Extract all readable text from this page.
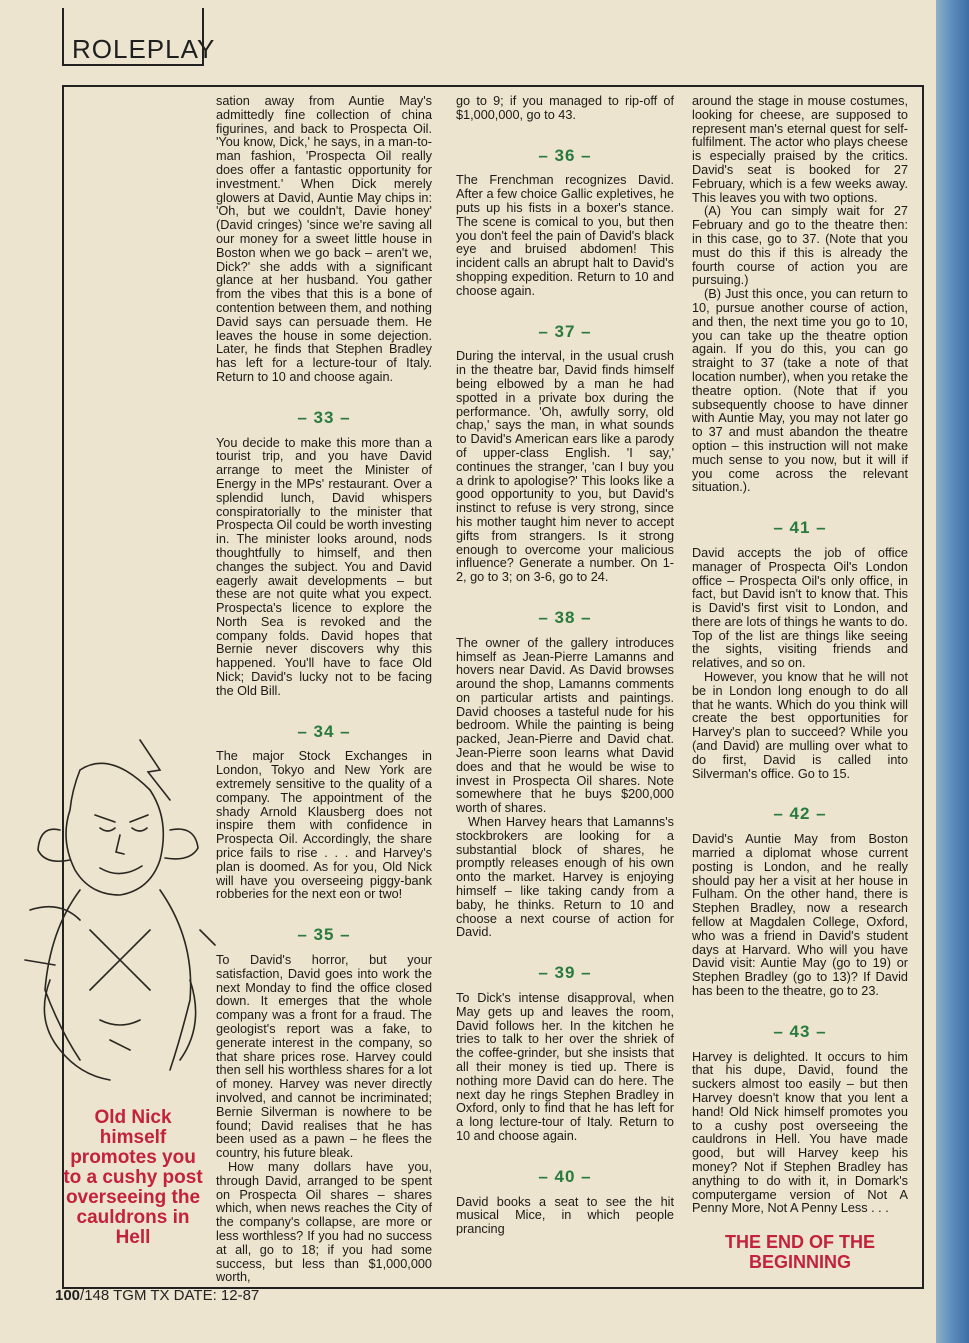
ROLEPLAY

sation away from Auntie May's admittedly fine collection of china figurines, and back to Prospecta Oil. 'You know, Dick,' he says, in a man-to-man fashion, 'Prospecta Oil really does offer a fantastic opportunity for investment.' When Dick merely glowers at David, Auntie May chips in: 'Oh, but we couldn't, Davie honey' (David cringes) 'since we're saving all our money for a sweet little house in Boston when we go back – aren't we, Dick?' she adds with a significant glance at her husband. You gather from the vibes that this is a bone of contention between them, and nothing David says can persuade them. He leaves the house in some dejection. Later, he finds that Stephen Bradley has left for a lecture-tour of Italy. Return to 10 and choose again.

– 33 –

You decide to make this more than a tourist trip, and you have David arrange to meet the Minister of Energy in the MPs' restaurant. Over a splendid lunch, David whispers conspiratorially to the minister that Prospecta Oil could be worth investing in. The minister looks around, nods thoughtfully to himself, and then changes the subject. You and David eagerly await developments – but these are not quite what you expect. Prospecta's licence to explore the North Sea is revoked and the company folds. David hopes that Bernie never discovers why this happened. You'll have to face Old Nick; David's lucky not to be facing the Old Bill.

– 34 –

The major Stock Exchanges in London, Tokyo and New York are extremely sensitive to the quality of a company. The appointment of the shady Arnold Klausberg does not inspire them with confidence in Prospecta Oil. Accordingly, the share price fails to rise . . . and Harvey's plan is doomed. As for you, Old Nick will have you overseeing piggy-bank robberies for the next eon or two!

– 35 –

To David's horror, but your satisfaction, David goes into work the next Monday to find the office closed down. It emerges that the whole company was a front for a fraud. The geologist's report was a fake, to generate interest in the company, so that share prices rose. Harvey could then sell his worthless shares for a lot of money. Harvey was never directly involved, and cannot be incriminated; Bernie Silverman is nowhere to be found; David realises that he has been used as a pawn – he flees the country, his future bleak.

How many dollars have you, through David, arranged to be spent on Prospecta Oil shares – shares which, when news reaches the City of the company's collapse, are more or less worthless? If you had no success at all, go to 18; if you had some success, but less than $1,000,000 worth,

go to 9; if you managed to rip-off of $1,000,000, go to 43.

– 36 –

The Frenchman recognizes David. After a few choice Gallic expletives, he puts up his fists in a boxer's stance. The scene is comical to you, but then you don't feel the pain of David's black eye and bruised abdomen! This incident calls an abrupt halt to David's shopping expedition. Return to 10 and choose again.

– 37 –

During the interval, in the usual crush in the theatre bar, David finds himself being elbowed by a man he had spotted in a private box during the performance. 'Oh, awfully sorry, old chap,' says the man, in what sounds to David's American ears like a parody of upper-class English. 'I say,' continues the stranger, 'can I buy you a drink to apologise?' This looks like a good opportunity to you, but David's instinct to refuse is very strong, since his mother taught him never to accept gifts from strangers. Is it strong enough to overcome your malicious influence? Generate a number. On 1-2, go to 3; on 3-6, go to 24.

– 38 –

The owner of the gallery introduces himself as Jean-Pierre Lamanns and hovers near David. As David browses around the shop, Lamanns comments on particular artists and paintings. David chooses a tasteful nude for his bedroom. While the painting is being packed, Jean-Pierre and David chat. Jean-Pierre soon learns what David does and that he would be wise to invest in Prospecta Oil shares. Note somewhere that he buys $200,000 worth of shares.

When Harvey hears that Lamanns's stockbrokers are looking for a substantial block of shares, he promptly releases enough of his own onto the market. Harvey is enjoying himself – like taking candy from a baby, he thinks. Return to 10 and choose a next course of action for David.

– 39 –

To Dick's intense disapproval, when May gets up and leaves the room, David follows her. In the kitchen he tries to talk to her over the shriek of the coffee-grinder, but she insists that all their money is tied up. There is nothing more David can do here. The next day he rings Stephen Bradley in Oxford, only to find that he has left for a long lecture-tour of Italy. Return to 10 and choose again.

– 40 –

David books a seat to see the hit musical Mice, in which people prancing

around the stage in mouse costumes, looking for cheese, are supposed to represent man's eternal quest for self-fulfilment. The actor who plays cheese is especially praised by the critics. David's seat is booked for 27 February, which is a few weeks away. This leaves you with two options.

(A) You can simply wait for 27 February and go to the theatre then: in this case, go to 37. (Note that you must do this if this is already the fourth course of action you are pursuing.)

(B) Just this once, you can return to 10, pursue another course of action, and then, the next time you go to 10, you can take up the theatre option again. If you do this, you can go straight to 37 (take a note of that location number), when you retake the theatre option. (Note that if you subsequently choose to have dinner with Auntie May, you may not later go to 37 and must abandon the theatre option – this instruction will not make much sense to you now, but it will if you come across the relevant situation.).

– 41 –

David accepts the job of office manager of Prospecta Oil's London office – Prospecta Oil's only office, in fact, but David isn't to know that. This is David's first visit to London, and there are lots of things he wants to do. Top of the list are things like seeing the sights, visiting friends and relatives, and so on.

However, you know that he will not be in London long enough to do all that he wants. Which do you think will create the best opportunities for Harvey's plan to succeed? While you (and David) are mulling over what to do first, David is called into Silverman's office. Go to 15.

– 42 –

David's Auntie May from Boston married a diplomat whose current posting is London, and he really should pay her a visit at her house in Fulham. On the other hand, there is Stephen Bradley, now a research fellow at Magdalen College, Oxford, who was a friend in David's student days at Harvard. Who will you have David visit: Auntie May (go to 19) or Stephen Bradley (go to 13)? If David has been to the theatre, go to 23.

– 43 –

Harvey is delighted. It occurs to him that his dupe, David, found the suckers almost too easily – but then Harvey doesn't know that you lent a hand! Old Nick himself promotes you to a cushy post overseeing the cauldrons in Hell. You have made good, but will Harvey keep his money? Not if Stephen Bradley has anything to do with it, in Domark's computergame version of Not A Penny More, Not A Penny Less . . .

Old Nick himself promotes you to a cushy post overseeing the cauldrons in Hell	THE END OF THE BEGINNING
100/148 TGM TX DATE: 12-87
